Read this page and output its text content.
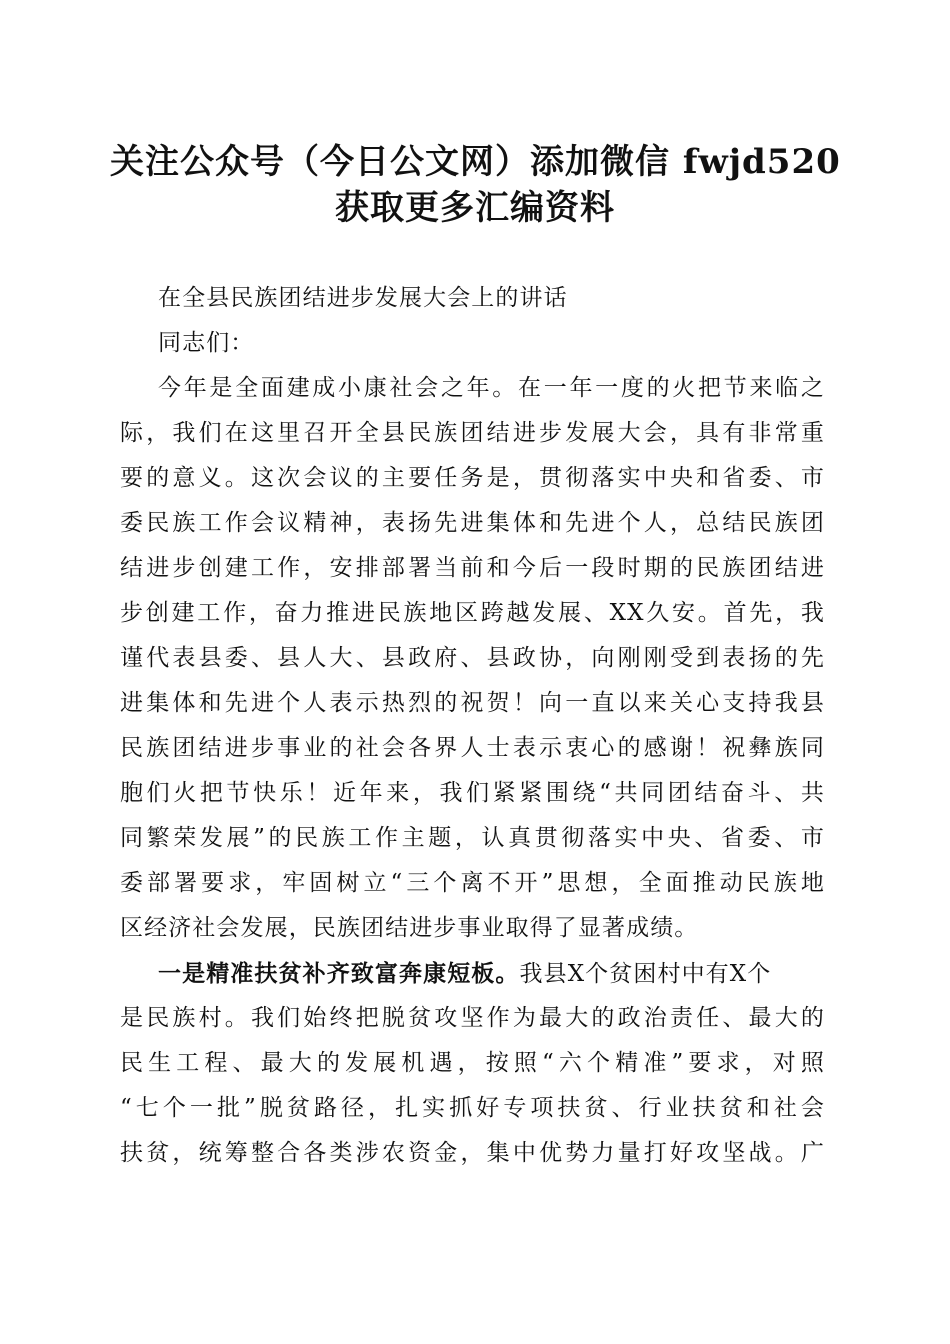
关注公众号（今日公文网）添加微信 fwjd520
获取更多汇编资料
在全县民族团结进步发展大会上的讲话
同志们：
今年是全面建成小康社会之年。在一年一度的火把节来临之
际，我们在这里召开全县民族团结进步发展大会，具有非常重
要的意义。这次会议的主要任务是，贯彻落实中央和省委、市
委民族工作会议精神，表扬先进集体和先进个人，总结民族团
结进步创建工作，安排部署当前和今后一段时期的民族团结进
步创建工作，奋力推进民族地区跨越发展、XX久安。首先，我
谨代表县委、县人大、县政府、县政协，向刚刚受到表扬的先
进集体和先进个人表示热烈的祝贺！向一直以来关心支持我县
民族团结进步事业的社会各界人士表示衷心的感谢！祝彝族同
胞们火把节快乐！近年来，我们紧紧围绕“共同团结奋斗、共
同繁荣发展”的民族工作主题，认真贯彻落实中央、省委、市
委部署要求，牢固树立“三个离不开”思想，全面推动民族地
区经济社会发展，民族团结进步事业取得了显著成绩。
一是精准扶贫补齐致富奔康短板。我县X个贫困村中有X个
是民族村。我们始终把脱贫攻坚作为最大的政治责任、最大的
民生工程、最大的发展机遇，按照“六个精准”要求，对照
“七个一批”脱贫路径，扎实抓好专项扶贫、行业扶贫和社会
扶贫，统筹整合各类涉农资金，集中优势力量打好攻坚战。广
